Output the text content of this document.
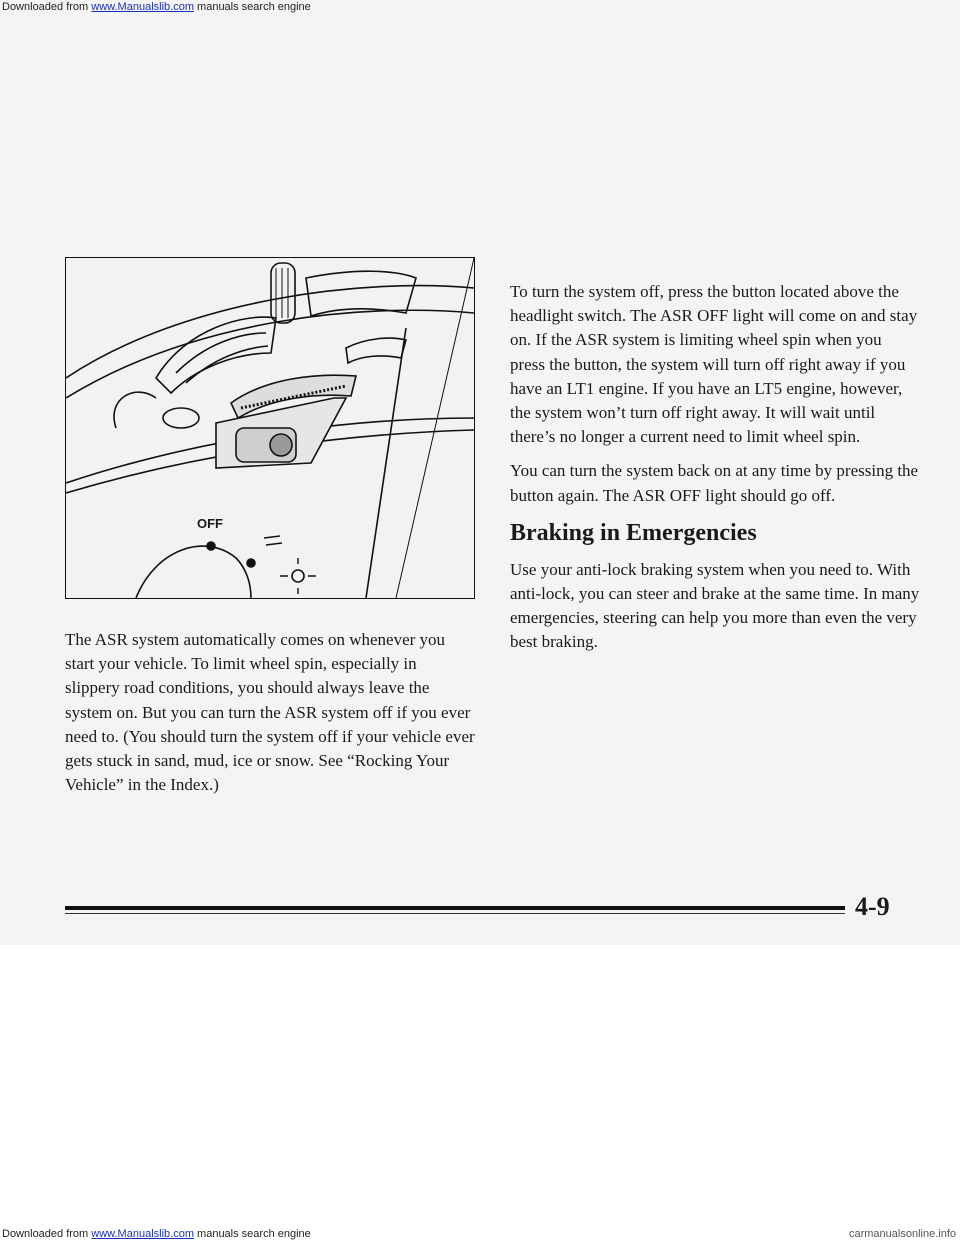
Downloaded from www.Manualslib.com manuals search engine
OFF

The ASR system automatically comes on whenever you start your vehicle. To limit wheel spin, especially in slippery road conditions, you should always leave the system on. But you can turn the ASR system off if you ever need to. (You should turn the system off if your vehicle ever gets stuck in sand, mud, ice or snow. See “Rocking Your Vehicle” in the Index.)

To turn the system off, press the button located above the headlight switch. The ASR OFF light will come on and stay on. If the ASR system is limiting wheel spin when you press the button, the system will turn off right away if you have an LT1 engine. If you have an LT5 engine, however, the system won’t turn off right away. It will wait until there’s no longer a current need to limit wheel spin.

You can turn the system back on at any time by pressing the button again. The ASR OFF light should go off.

Braking in Emergencies

Use your anti-lock braking system when you need to. With anti-lock, you can steer and brake at the same time. In many emergencies, steering can help you more than even the very best braking.

4-9
Downloaded from www.Manualslib.com manuals search engine	carmanualsonline.info
